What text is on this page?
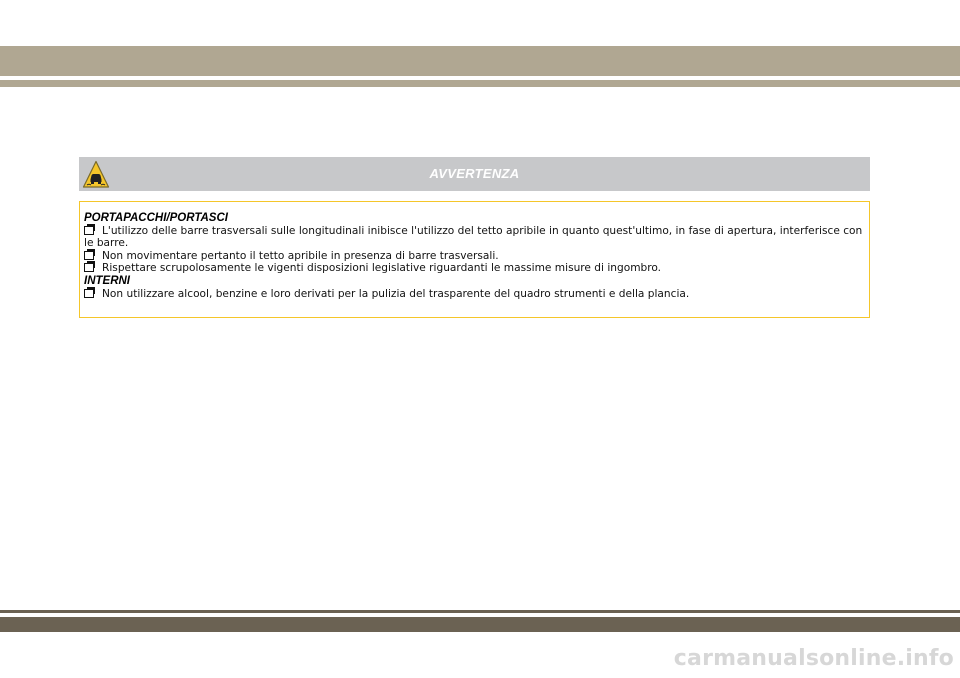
AVVERTENZA

PORTAPACCHI/PORTASCI

L'utilizzo delle barre trasversali sulle longitudinali inibisce l'utilizzo del tetto apribile in quanto quest'ultimo, in fase di apertura, interferisce con le barre.

Non movimentare pertanto il tetto apribile in presenza di barre trasversali.

Rispettare scrupolosamente le vigenti disposizioni legislative riguardanti le massime misure di ingombro.

INTERNI

Non utilizzare alcool, benzine e loro derivati per la pulizia del trasparente del quadro strumenti e della plancia.

carmanualsonline.info
